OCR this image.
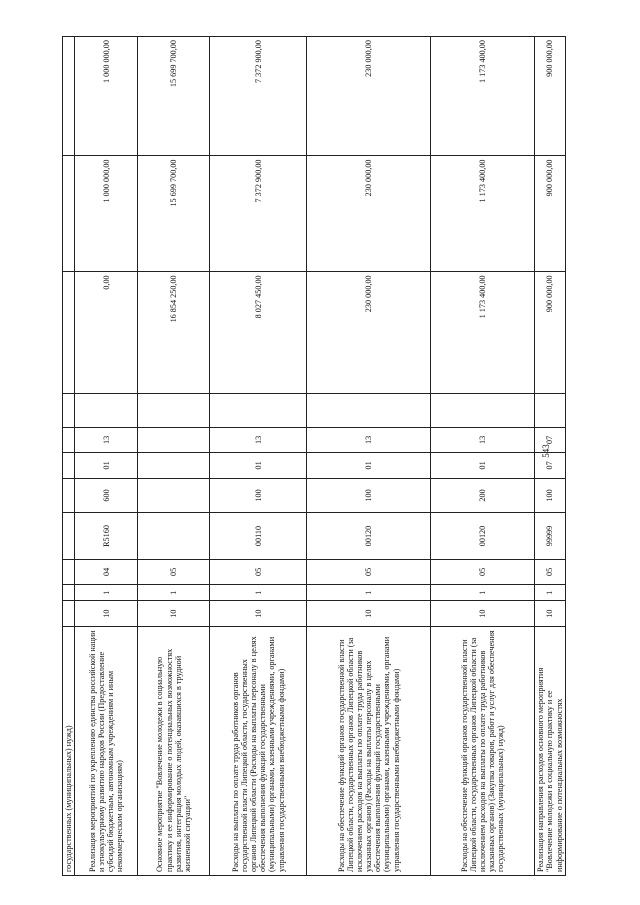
543
государственных (муниципальных) нужд)											
Реализация мероприятий по укреплению единства российской нации и этнокультурному развитию народов России (Предоставление субсидий бюджетным, автономным учреждениям и иным некоммерческим организациям)	10	1	04	R5160	600	01	13		0,00	1 000 000,00	1 000 000,00
Основное мероприятие "Вовлечение молодежи в социальную практику и ее информирование о потенциальных возможностях развития, интеграция молодых людей, оказавшихся в трудной жизненной ситуации"	10	1	05						16 854 250,00	15 699 700,00	15 699 700,00
Расходы на выплаты по оплате труда работников органов государственной власти Липецкой области, государственных органов Липецкой области (Расходы на выплаты персоналу в целях обеспечения выполнения функций государственными (муниципальными) органами, казенными учреждениями, органами управления государственными внебюджетными фондами)	10	1	05	00110	100	01	13		8 027 450,00	7 372 900,00	7 372 900,00
Расходы на обеспечение функций органов государственной власти Липецкой области, государственных органов Липецкой области (за исключением расходов на выплаты по оплате труда работников указанных органов) (Расходы на выплаты персоналу в целях обеспечения выполнения функций государственными (муниципальными) органами, казенными учреждениями, органами управления государственными внебюджетными фондами)	10	1	05	00120	100	01	13		230 000,00	230 000,00	230 000,00
Расходы на обеспечение функций органов государственной власти Липецкой области, государственных органов Липецкой области (за исключением расходов на выплаты по оплате труда работников указанных органов) (Закупка товаров, работ и услуг для обеспечения государственных (муниципальных) нужд)	10	1	05	00120	200	01	13		1 173 400,00	1 173 400,00	1 173 400,00
Реализация направления расходов основного мероприятия "Вовлечение молодежи в социальную практику и ее информирование о потенциальных возможностях	10	1	05	99999	100	07	07		900 000,00	900 000,00	900 000,00
